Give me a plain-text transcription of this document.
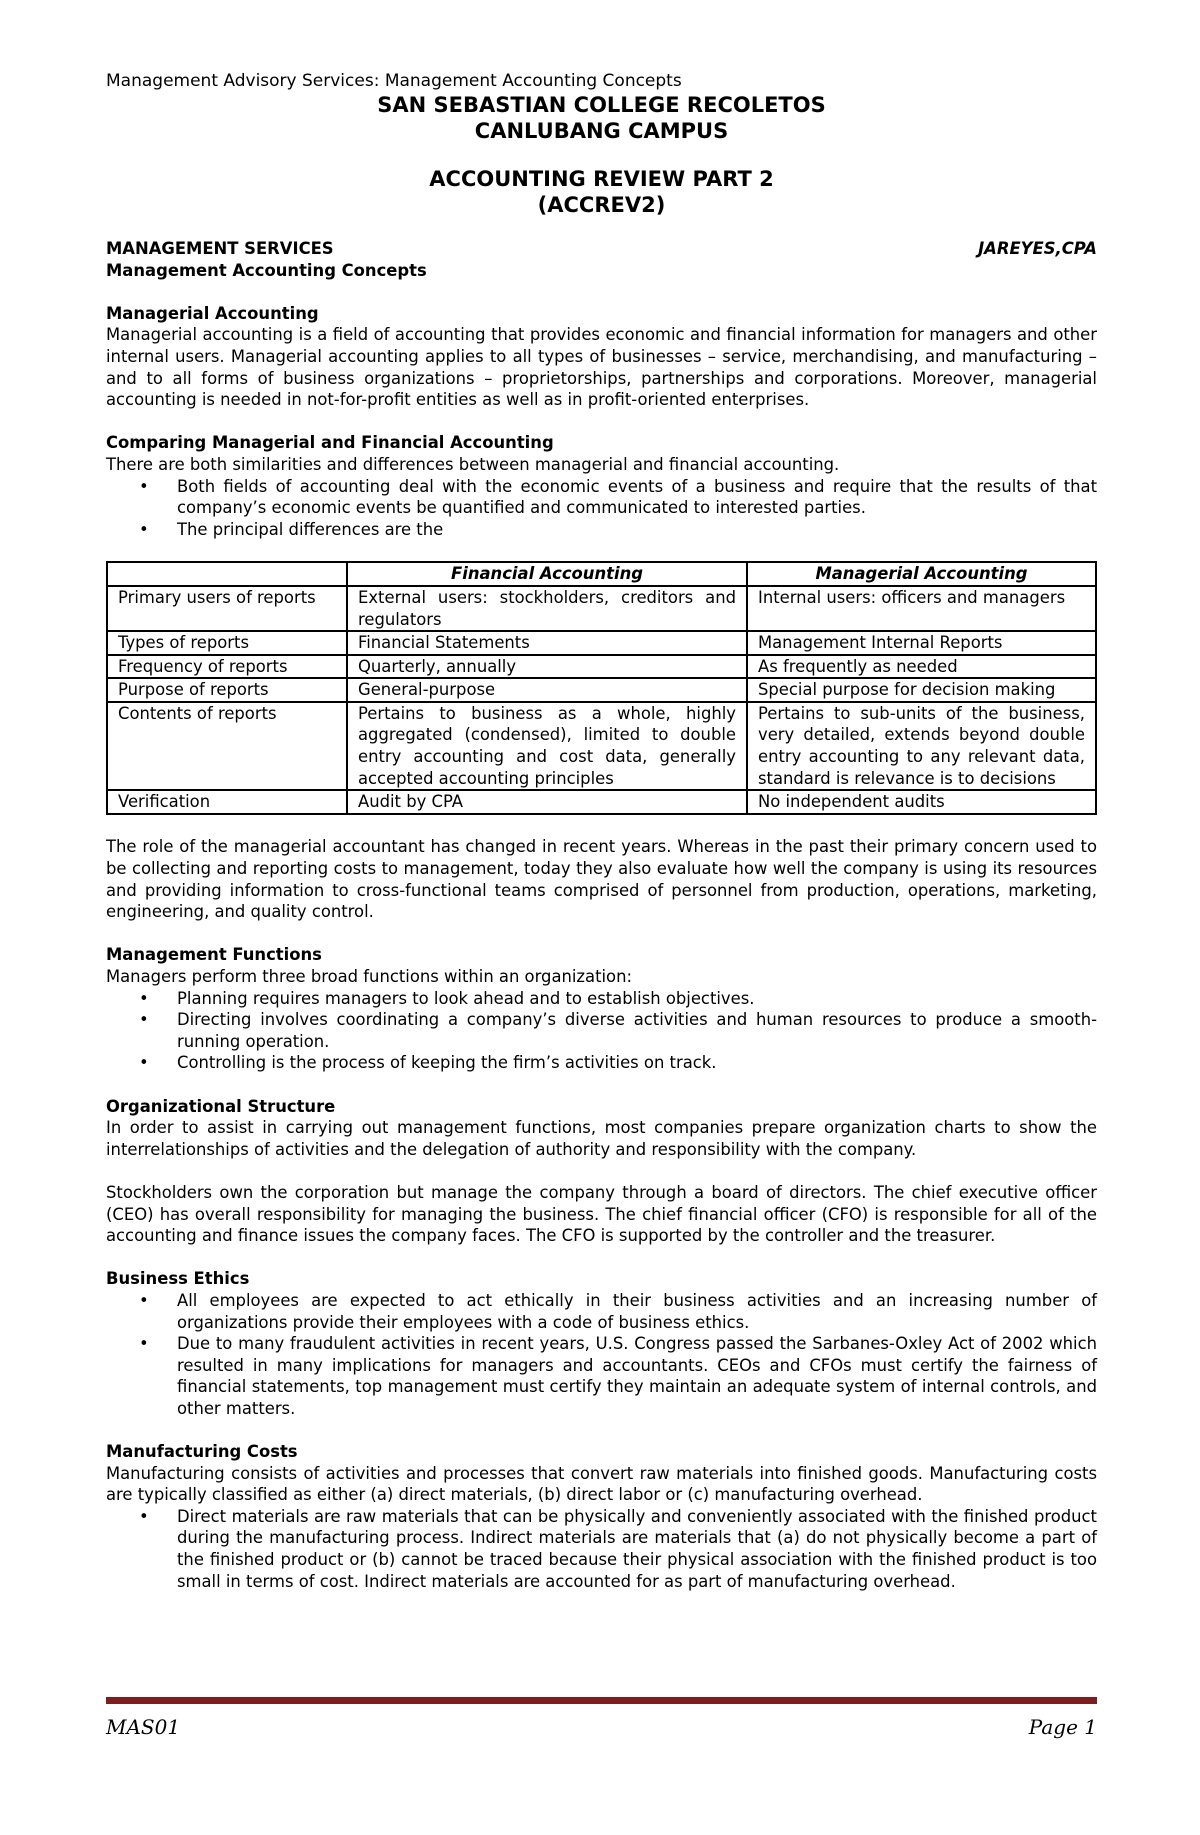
Management Advisory Services: Management Accounting Concepts
SAN SEBASTIAN COLLEGE RECOLETOS
CANLUBANG CAMPUS
ACCOUNTING REVIEW PART 2
(ACCREV2)
MANAGEMENT SERVICES	JAREYES,CPA
Management Accounting Concepts
Managerial Accounting

Managerial accounting is a field of accounting that provides economic and financial information for managers and other internal users. Managerial accounting applies to all types of businesses – service, merchandising, and manufacturing – and to all forms of business organizations – proprietorships, partnerships and corporations. Moreover, managerial accounting is needed in not-for-profit entities as well as in profit-oriented enterprises.

Comparing Managerial and Financial Accounting

There are both similarities and differences between managerial and financial accounting.

• Both fields of accounting deal with the economic events of a business and require that the results of that company’s economic events be quantified and communicated to interested parties.
• The principal differences are the
	Financial Accounting	Managerial Accounting
Primary users of reports	External users: stockholders, creditors and regulators	Internal users: officers and managers
Types of reports	Financial Statements	Management Internal Reports
Frequency of reports	Quarterly, annually	As frequently as needed
Purpose of reports	General-purpose	Special purpose for decision making
Contents of reports	Pertains to business as a whole, highly aggregated (condensed), limited to double entry accounting and cost data, generally accepted accounting principles	Pertains to sub-units of the business, very detailed, extends beyond double entry accounting to any relevant data, standard is relevance is to decisions
Verification	Audit by CPA	No independent audits

The role of the managerial accountant has changed in recent years. Whereas in the past their primary concern used to be collecting and reporting costs to management, today they also evaluate how well the company is using its resources and providing information to cross-functional teams comprised of personnel from production, operations, marketing, engineering, and quality control.

Management Functions

Managers perform three broad functions within an organization:

• Planning requires managers to look ahead and to establish objectives.
• Directing involves coordinating a company’s diverse activities and human resources to produce a smooth-running operation.
• Controlling is the process of keeping the firm’s activities on track.
Organizational Structure

In order to assist in carrying out management functions, most companies prepare organization charts to show the interrelationships of activities and the delegation of authority and responsibility with the company.

Stockholders own the corporation but manage the company through a board of directors. The chief executive officer (CEO) has overall responsibility for managing the business. The chief financial officer (CFO) is responsible for all of the accounting and finance issues the company faces. The CFO is supported by the controller and the treasurer.

Business Ethics
• All employees are expected to act ethically in their business activities and an increasing number of organizations provide their employees with a code of business ethics.
• Due to many fraudulent activities in recent years, U.S. Congress passed the Sarbanes-Oxley Act of 2002 which resulted in many implications for managers and accountants. CEOs and CFOs must certify the fairness of financial statements, top management must certify they maintain an adequate system of internal controls, and other matters.
Manufacturing Costs

Manufacturing consists of activities and processes that convert raw materials into finished goods. Manufacturing costs are typically classified as either (a) direct materials, (b) direct labor or (c) manufacturing overhead.

• Direct materials are raw materials that can be physically and conveniently associated with the finished product during the manufacturing process. Indirect materials are materials that (a) do not physically become a part of the finished product or (b) cannot be traced because their physical association with the finished product is too small in terms of cost. Indirect materials are accounted for as part of manufacturing overhead.
MAS01	Page 1
